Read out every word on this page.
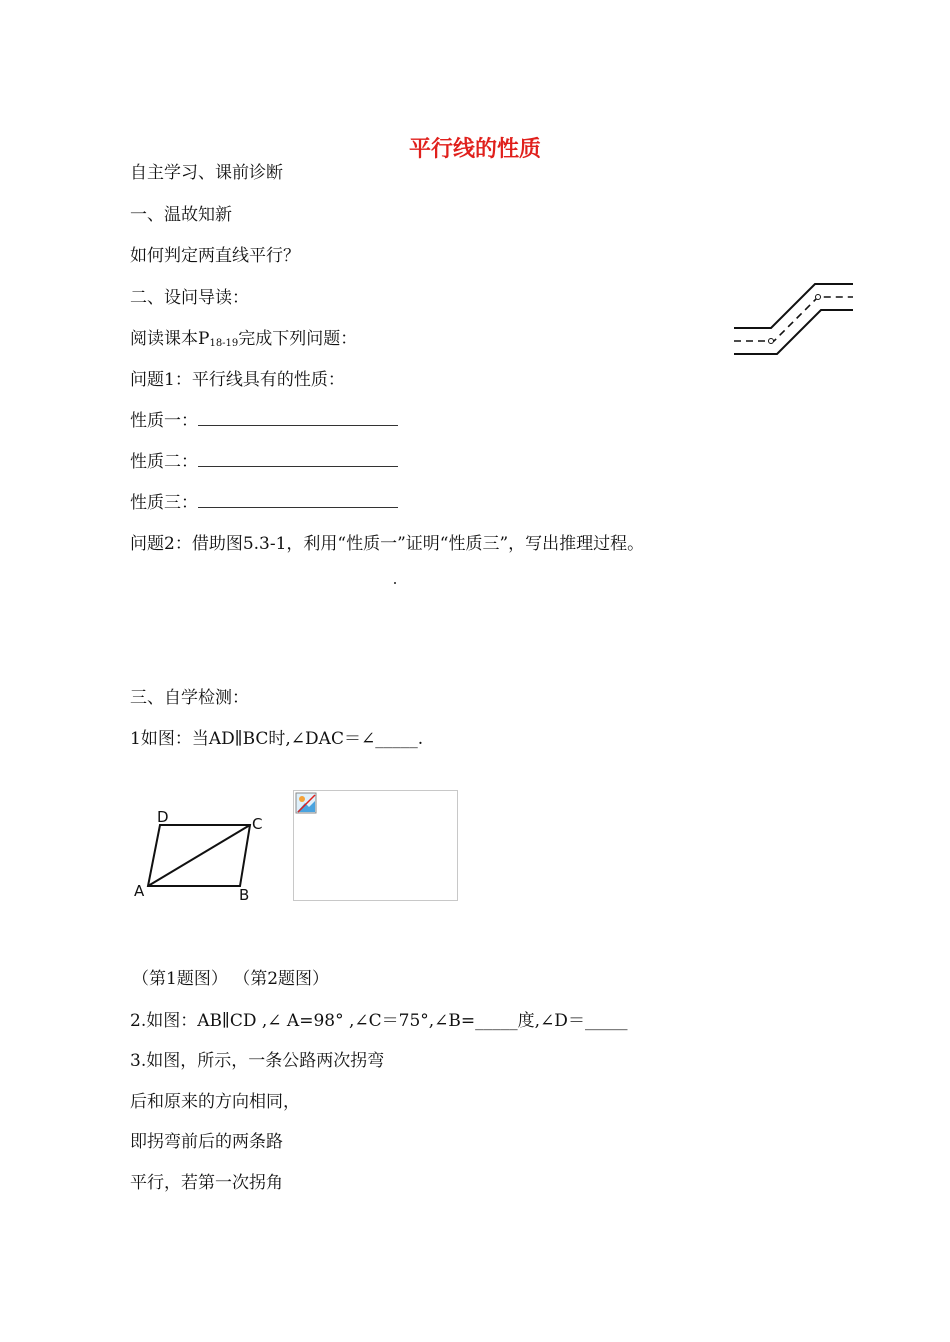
平行线的性质
自主学习、课前诊断
一、温故知新
如何判定两直线平行？
二、设问导读：
阅读课本$P_{18-19}$完成下列问题：
问题1：平行线具有的性质：
性质一：
性质二：
性质三：
问题2：借助图5.3-1，利用“性质一”证明“性质三”，写出推理过程。
三、自学检测：
1如图：当AD∥BC时,∠DAC＝∠_____.
A	B
C
D
（第1题图） （第2题图）
2.如图：AB∥CD ,∠ A=98° ,∠C＝75°,∠B=_____度,∠D＝_____
3.如图，所示，一条公路两次拐弯
后和原来的方向相同，
即拐弯前后的两条路
平行，若第一次拐角
